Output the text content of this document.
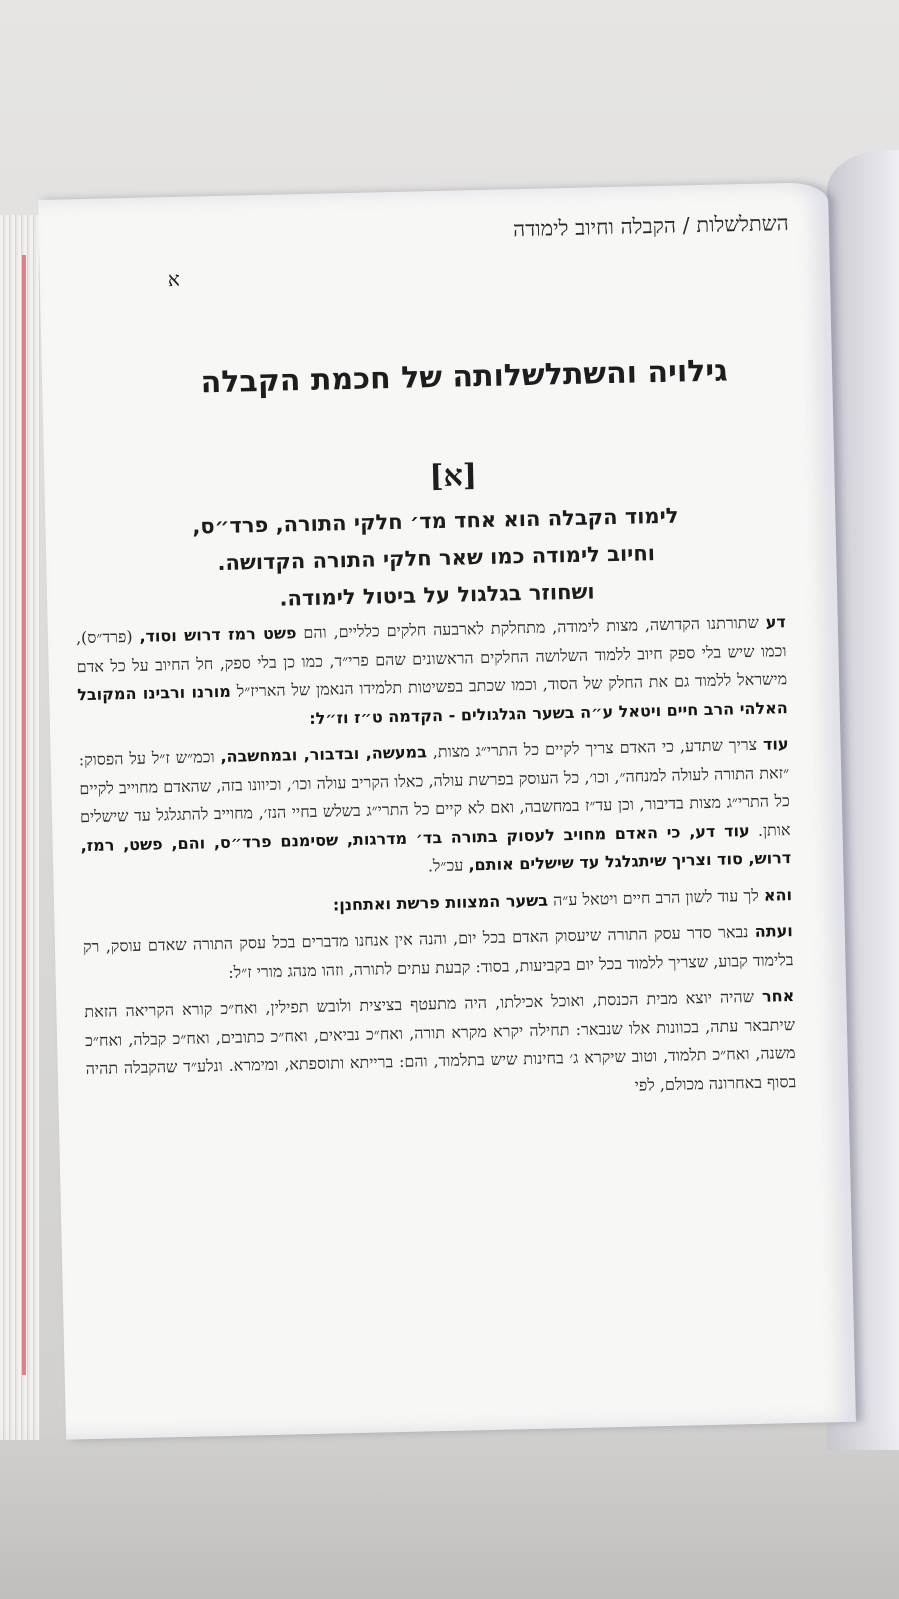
השתלשלות / הקבלה וחיוב לימודה
א
גילויה והשתלשלותה של חכמת הקבלה
[א]
לימוד הקבלה הוא אחד מד׳ חלקי התורה, פרד״ס,
וחיוב לימודה כמו שאר חלקי התורה הקדושה.
ושחוזר בגלגול על ביטול לימודה.

דע שתורתנו הקדושה, מצות לימודה, מתחלקת לארבעה חלקים כלליים, והם פשט רמז דרוש וסוד, (פרד״ס), וכמו שיש בלי ספק חיוב ללמוד השלושה החלקים הראשונים שהם פרי״ד, כמו כן בלי ספק, חל החיוב על כל אדם מישראל ללמוד גם את החלק של הסוד, וכמו שכתב בפשיטות תלמידו הנאמן של האריז״ל מורנו ורבינו המקובל האלהי הרב חיים ויטאל ע״ה בשער הגלגולים - הקדמה ט״ז וז״ל:

עוד צריך שתדע, כי האדם צריך לקיים כל התרי״ג מצות, במעשה, ובדבור, ובמחשבה, וכמ״ש ז״ל על הפסוק: ״זאת התורה לעולה למנחה״, וכו׳, כל העוסק בפרשת עולה, כאלו הקריב עולה וכו׳, וכיוונו בזה, שהאדם מחוייב לקיים כל התרי״ג מצות בדיבור, וכן עד״ז במחשבה, ואם לא קיים כל התרי״ג בשלש בחיי הנז׳, מחוייב להתגלגל עד שישלים אותן. עוד דע, כי האדם מחויב לעסוק בתורה בד׳ מדרגות, שסימנם פרד״ס, והם, פשט, רמז, דרוש, סוד וצריך שיתגלגל עד שישלים אותם, עכ״ל.

והא לך עוד לשון הרב חיים ויטאל ע״ה בשער המצוות פרשת ואתחנן:

ועתה נבאר סדר עסק התורה שיעסוק האדם בכל יום, והנה אין אנחנו מדברים בכל עסק התורה שאדם עוסק, רק בלימוד קבוע, שצריך ללמוד בכל יום בקביעות, בסוד: קבעת עתים לתורה, וזהו מנהג מורי ז״ל:

אחר שהיה יוצא מבית הכנסת, ואוכל אכילתו, היה מתעטף בציצית ולובש תפילין, ואח״כ קורא הקריאה הזאת שיתבאר עתה, בכוונות אלו שנבאר: תחילה יקרא מקרא תורה, ואח״כ נביאים, ואח״כ כתובים, ואח״כ קבלה, ואח״כ משנה, ואח״כ תלמוד, וטוב שיקרא ג׳ בחינות שיש בתלמוד, והם: ברייתא ותוספתא, ומימרא. ונלע״ד שהקבלה תהיה בסוף באחרונה מכולם, לפי
